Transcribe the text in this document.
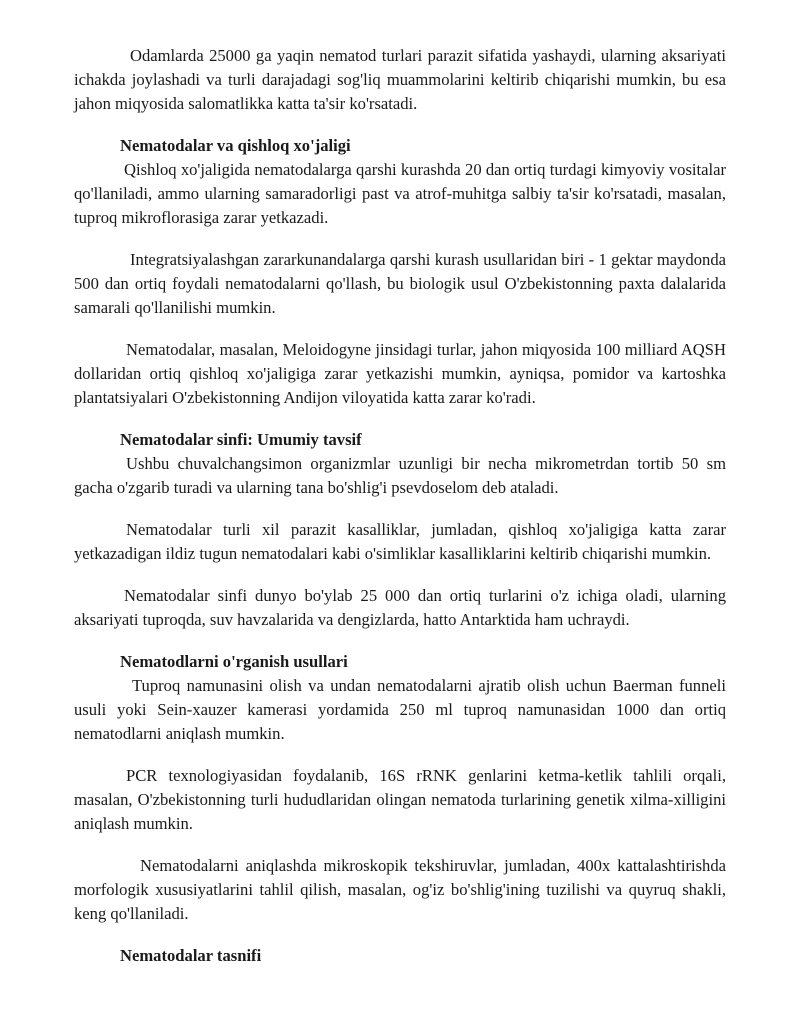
Odamlarda 25000 ga yaqin nematod turlari parazit sifatida yashaydi, ularning aksariyati ichakda joylashadi va turli darajadagi sog'liq muammolarini keltirib chiqarishi mumkin, bu esa jahon miqyosida salomatlikka katta ta'sir ko'rsatadi.

Nematodalar va qishloq xo'jaligi

Qishloq xo'jaligida nematodalarga qarshi kurashda 20 dan ortiq turdagi kimyoviy vositalar qo'llaniladi, ammo ularning samaradorligi past va atrof-muhitga salbiy ta'sir ko'rsatadi, masalan, tuproq mikroflorasiga zarar yetkazadi.

Integratsiyalashgan zararkunandalarga qarshi kurash usullaridan biri - 1 gektar maydonda 500 dan ortiq foydali nematodalarni qo'llash, bu biologik usul O'zbekistonning paxta dalalarida samarali qo'llanilishi mumkin.

Nematodalar, masalan, Meloidogyne jinsidagi turlar, jahon miqyosida 100 milliard AQSH dollaridan ortiq qishloq xo'jaligiga zarar yetkazishi mumkin, ayniqsa, pomidor va kartoshka plantatsiyalari O'zbekistonning Andijon viloyatida katta zarar ko'radi.

Nematodalar sinfi: Umumiy tavsif

Ushbu chuvalchangsimon organizmlar uzunligi bir necha mikrometrdan tortib 50 sm gacha o'zgarib turadi va ularning tana bo'shlig'i psevdoselom deb ataladi.

Nematodalar turli xil parazit kasalliklar, jumladan, qishloq xo'jaligiga katta zarar yetkazadigan ildiz tugun nematodalari kabi o'simliklar kasalliklarini keltirib chiqarishi mumkin.

Nematodalar sinfi dunyo bo'ylab 25 000 dan ortiq turlarini o'z ichiga oladi, ularning aksariyati tuproqda, suv havzalarida va dengizlarda, hatto Antarktida ham uchraydi.

Nematodlarni o'rganish usullari

Tuproq namunasini olish va undan nematodalarni ajratib olish uchun Baerman funneli usuli yoki Sein-xauzer kamerasi yordamida 250 ml tuproq namunasidan 1000 dan ortiq nematodlarni aniqlash mumkin.

PCR texnologiyasidan foydalanib, 16S rRNK genlarini ketma-ketlik tahlili orqali, masalan, O'zbekistonning turli hududlaridan olingan nematoda turlarining genetik xilma-xilligini aniqlash mumkin.

Nematodalarni aniqlashda mikroskopik tekshiruvlar, jumladan, 400x kattalashtirishda morfologik xususiyatlarini tahlil qilish, masalan, og'iz bo'shlig'ining tuzilishi va quyruq shakli, keng qo'llaniladi.

Nematodalar tasnifi
